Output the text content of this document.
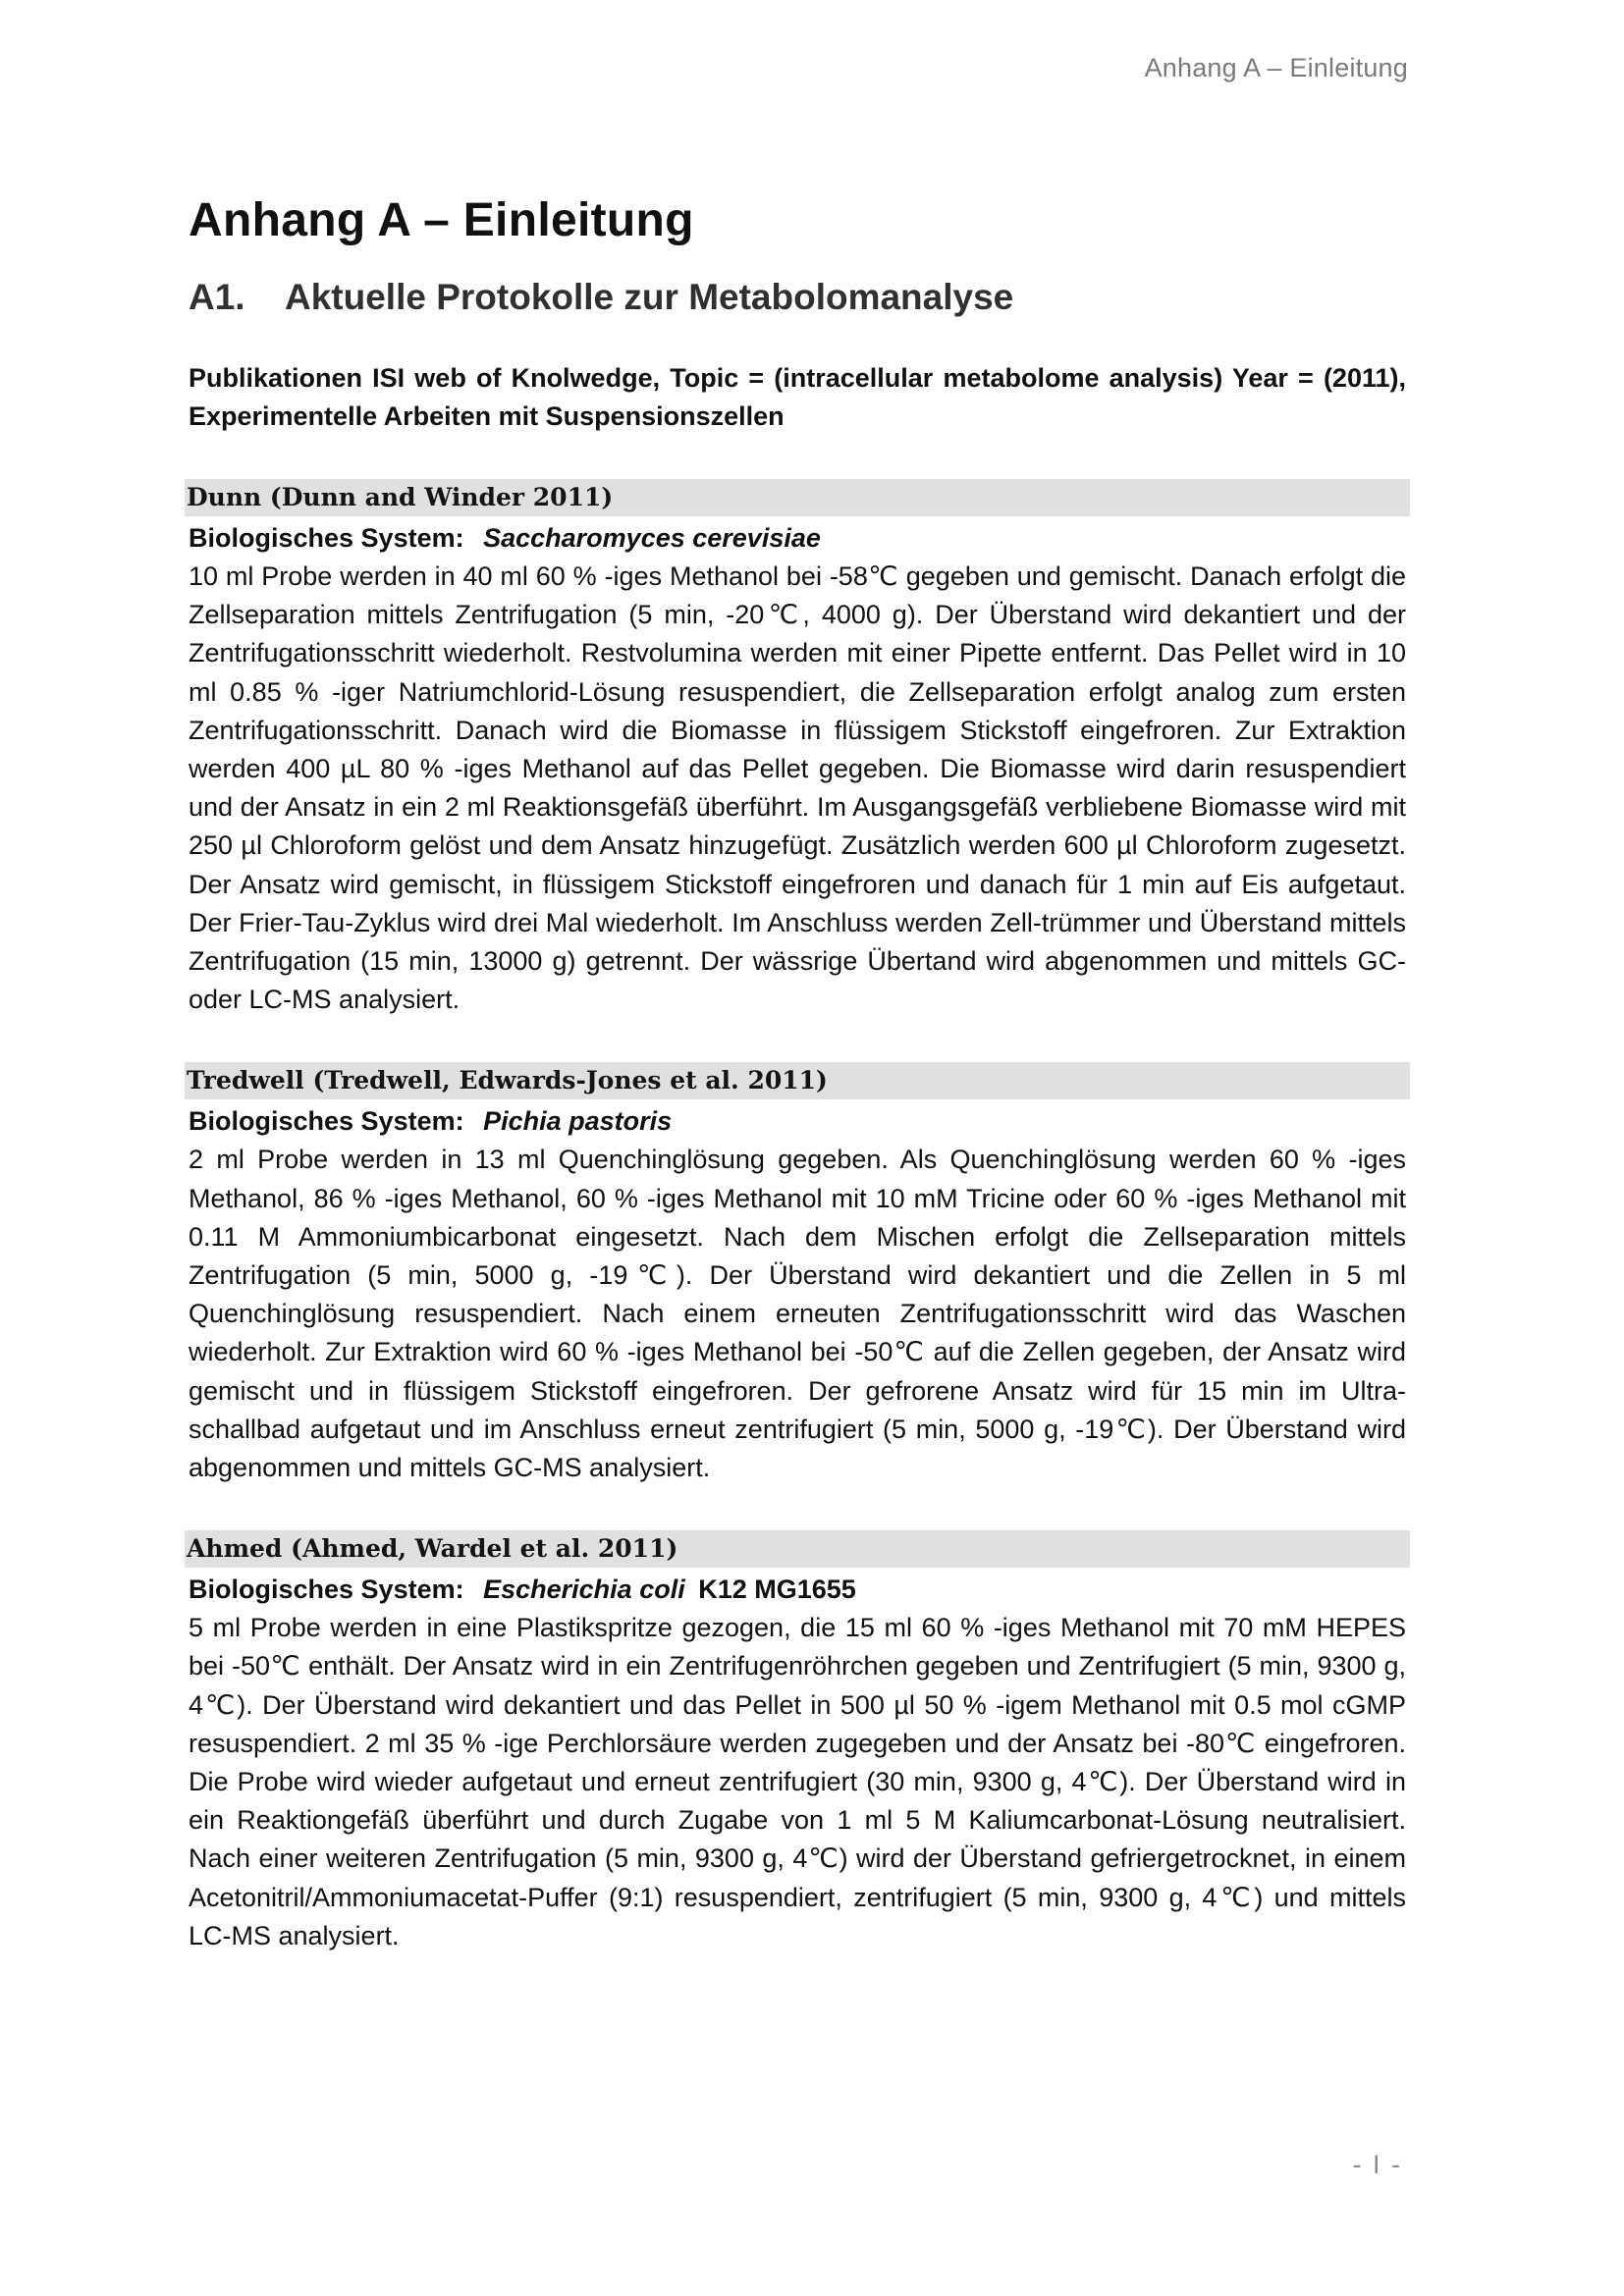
Anhang A – Einleitung
Anhang A – Einleitung
A1.	Aktuelle Protokolle zur Metabolomanalyse

Publikationen ISI web of Knolwedge, Topic = (intracellular metabolome analysis) Year = (2011), Experimentelle Arbeiten mit Suspensionszellen

Dunn (Dunn and Winder 2011)
Biologisches System: Saccharomyces cerevisiae

10 ml Probe werden in 40 ml 60 % -iges Methanol bei -58℃ gegeben und gemischt. Danach erfolgt die Zellseparation mittels Zentrifugation (5 min, -20℃, 4000 g). Der Überstand wird dekantiert und der Zentrifugationsschritt wiederholt. Restvolumina werden mit einer Pipette entfernt. Das Pellet wird in 10 ml 0.85 % -iger Natriumchlorid-Lösung resuspendiert, die Zellseparation erfolgt analog zum ersten Zentrifugationsschritt. Danach wird die Biomasse in flüssigem Stickstoff eingefroren. Zur Extraktion werden 400 µL 80 % -iges Methanol auf das Pellet gegeben. Die Biomasse wird darin resuspendiert und der Ansatz in ein 2 ml Reaktionsgefäß überführt. Im Ausgangsgefäß verbliebene Biomasse wird mit 250 µl Chloroform gelöst und dem Ansatz hinzugefügt. Zusätzlich werden 600 µl Chloroform zugesetzt. Der Ansatz wird gemischt, in flüssigem Stickstoff eingefroren und danach für 1 min auf Eis aufgetaut. Der Frier-Tau-Zyklus wird drei Mal wiederholt. Im Anschluss werden Zell-trümmer und Überstand mittels Zentrifugation (15 min, 13000 g) getrennt. Der wässrige Übertand wird abgenommen und mittels GC- oder LC-MS analysiert.

Tredwell (Tredwell, Edwards-Jones et al. 2011)
Biologisches System: Pichia pastoris

2 ml Probe werden in 13 ml Quenchinglösung gegeben. Als Quenchinglösung werden 60 % -iges Methanol, 86 % -iges Methanol, 60 % -iges Methanol mit 10 mM Tricine oder 60 % -iges Methanol mit 0.11 M Ammoniumbicarbonat eingesetzt. Nach dem Mischen erfolgt die Zellseparation mittels Zentrifugation (5 min, 5000 g, -19℃). Der Überstand wird dekantiert und die Zellen in 5 ml Quenchinglösung resuspendiert. Nach einem erneuten Zentrifugationsschritt wird das Waschen wiederholt. Zur Extraktion wird 60 % -iges Methanol bei -50℃ auf die Zellen gegeben, der Ansatz wird gemischt und in flüssigem Stickstoff eingefroren. Der gefrorene Ansatz wird für 15 min im Ultra-schallbad aufgetaut und im Anschluss erneut zentrifugiert (5 min, 5000 g, -19℃). Der Überstand wird abgenommen und mittels GC-MS analysiert.

Ahmed (Ahmed, Wardel et al. 2011)
Biologisches System: Escherichia coli K12 MG1655

5 ml Probe werden in eine Plastikspritze gezogen, die 15 ml 60 % -iges Methanol mit 70 mM HEPES bei -50℃ enthält. Der Ansatz wird in ein Zentrifugenröhrchen gegeben und Zentrifugiert (5 min, 9300 g, 4℃). Der Überstand wird dekantiert und das Pellet in 500 µl 50 % -igem Methanol mit 0.5 mol cGMP resuspendiert. 2 ml 35 % -ige Perchlorsäure werden zugegeben und der Ansatz bei -80℃ eingefroren. Die Probe wird wieder aufgetaut und erneut zentrifugiert (30 min, 9300 g, 4℃). Der Überstand wird in ein Reaktiongefäß überführt und durch Zugabe von 1 ml 5 M Kaliumcarbonat-Lösung neutralisiert. Nach einer weiteren Zentrifugation (5 min, 9300 g, 4℃) wird der Überstand gefriergetrocknet, in einem Acetonitril/Ammoniumacetat-Puffer (9:1) resuspendiert, zentrifugiert (5 min, 9300 g, 4℃) und mittels LC-MS analysiert.

- I -
